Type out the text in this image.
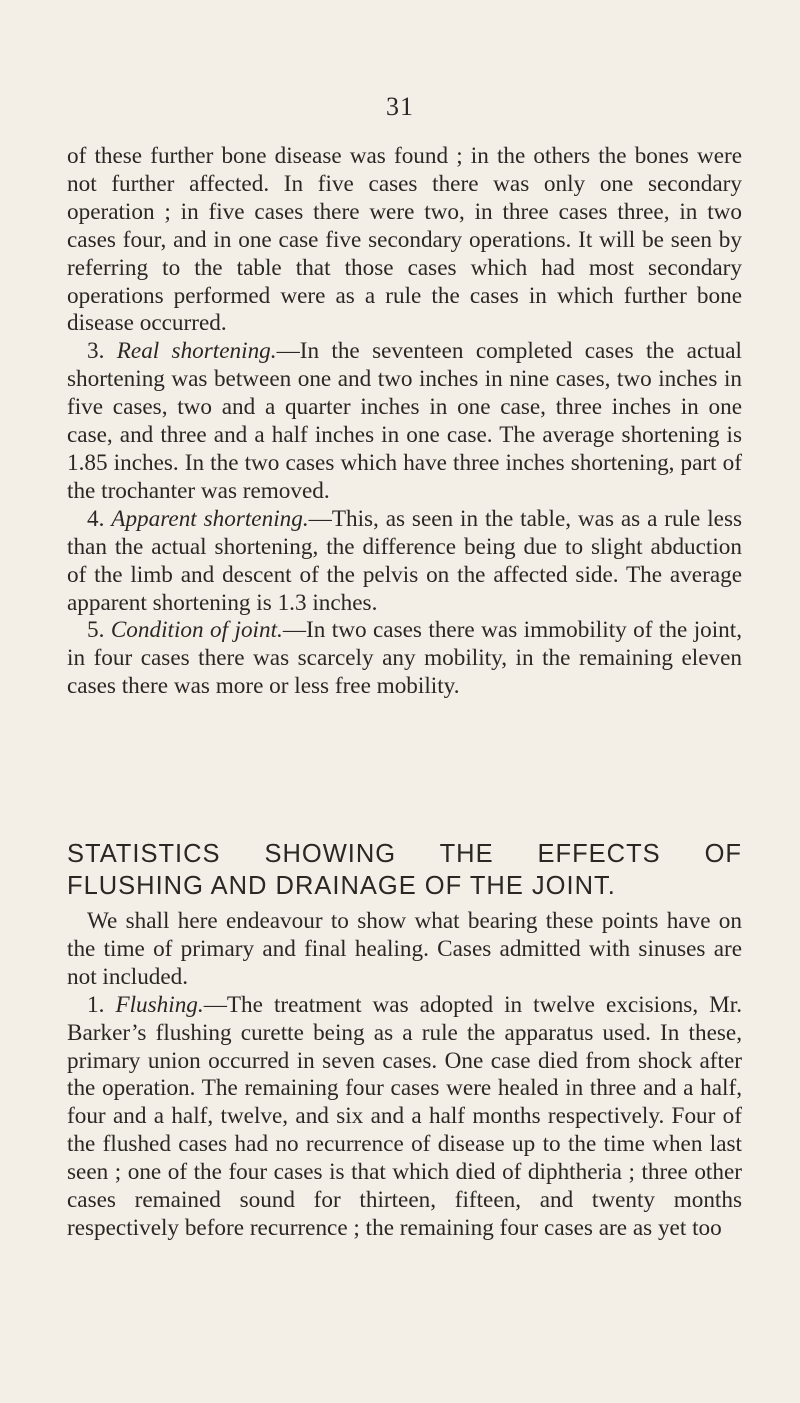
31

of these further bone disease was found ; in the others the bones were not further affected. In five cases there was only one secondary operation ; in five cases there were two, in three cases three, in two cases four, and in one case five secondary operations. It will be seen by referring to the table that those cases which had most secondary operations performed were as a rule the cases in which further bone disease occurred.

3. Real shortening.—In the seventeen completed cases the actual shortening was between one and two inches in nine cases, two inches in five cases, two and a quarter inches in one case, three inches in one case, and three and a half inches in one case. The average shortening is 1.85 inches. In the two cases which have three inches shortening, part of the trochanter was removed.

4. Apparent shortening.—This, as seen in the table, was as a rule less than the actual shortening, the difference being due to slight abduction of the limb and descent of the pelvis on the affected side. The average apparent shortening is 1.3 inches.

5. Condition of joint.—In two cases there was immobility of the joint, in four cases there was scarcely any mobility, in the remaining eleven cases there was more or less free mobility.

STATISTICS SHOWING THE EFFECTS OF FLUSHING AND DRAINAGE OF THE JOINT.

We shall here endeavour to show what bearing these points have on the time of primary and final healing. Cases admitted with sinuses are not included.

1. Flushing.—The treatment was adopted in twelve excisions, Mr. Barker’s flushing curette being as a rule the apparatus used. In these, primary union occurred in seven cases. One case died from shock after the operation. The remaining four cases were healed in three and a half, four and a half, twelve, and six and a half months respectively. Four of the flushed cases had no recurrence of disease up to the time when last seen ; one of the four cases is that which died of diphtheria ; three other cases remained sound for thirteen, fifteen, and twenty months respectively before recurrence ; the remaining four cases are as yet too
